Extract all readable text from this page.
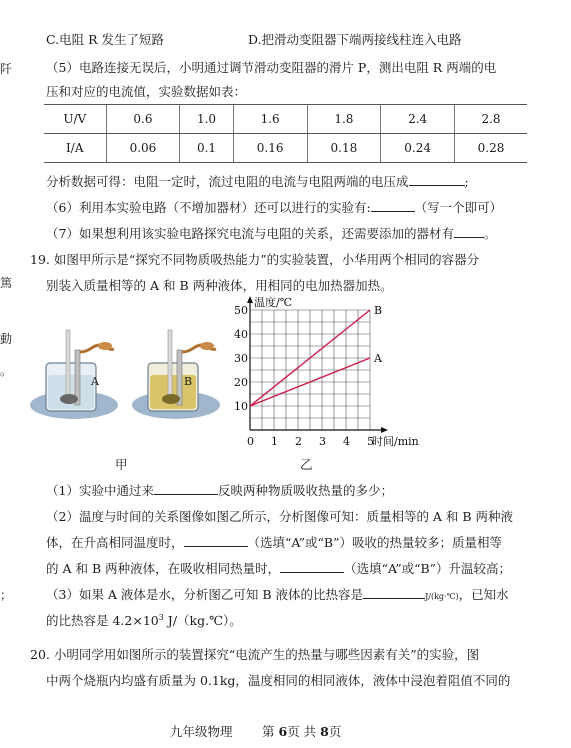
阡
篤
動
。
；
C.电阻 R 发生了短路	D.把滑动变阻器下端两接线柱连入电路
（5）电路连接无误后，小明通过调节滑动变阻器的滑片 P，测出电阻 R 两端的电
压和对应的电流值，实验数据如表：
U/V	0.6	1.0	1.6	1.8	2.4	2.8
I/A	0.06	0.1	0.16	0.18	0.24	0.28
分析数据可得：电阻一定时，流过电阻的电流与电阻两端的电压成	;
（6）利用本实验电路（不增加器材）还可以进行的实验有:	（写一个即可）
（7）如果想利用该实验电路探究电流与电阻的关系，还需要添加的器材有 。
19. 如图甲所示是“探究不同物质吸热能力”的实验装置，小华用两个相同的容器分
别装入质量相等的 A 和 B 两种液体，用相同的电加热器加热。
A	B
甲
0 1 2 3 4 5
10
20
30
40
50
温度/℃
时间/min
B
A
乙
（1）实验中通过来	反映两种物质吸收热量的多少；
（2）温度与时间的关系图像如图乙所示，分析图像可知：质量相等的 A 和 B 两种液
体，在升高相同温度时，	（选填“A”或“B”）吸收的热量较多；质量相等
的 A 和 B 两种液体，在吸收相同热量时，	（选填“A”或“B”）升温较高；
（3）如果 A 液体是水，分析图乙可知 B 液体的比热容是	J/(kg·℃)，已知水
的比热容是 $4.2\times 10^3$ J/（kg.℃）。
20. 小明同学用如图所示的装置探究“电流产生的热量与哪些因素有关”的实验，图
中两个烧瓶内均盛有质量为 0.1kg，温度相同的相同液体，液体中浸泡着阻值不同的
九年级物理 第 6页 共 8页
